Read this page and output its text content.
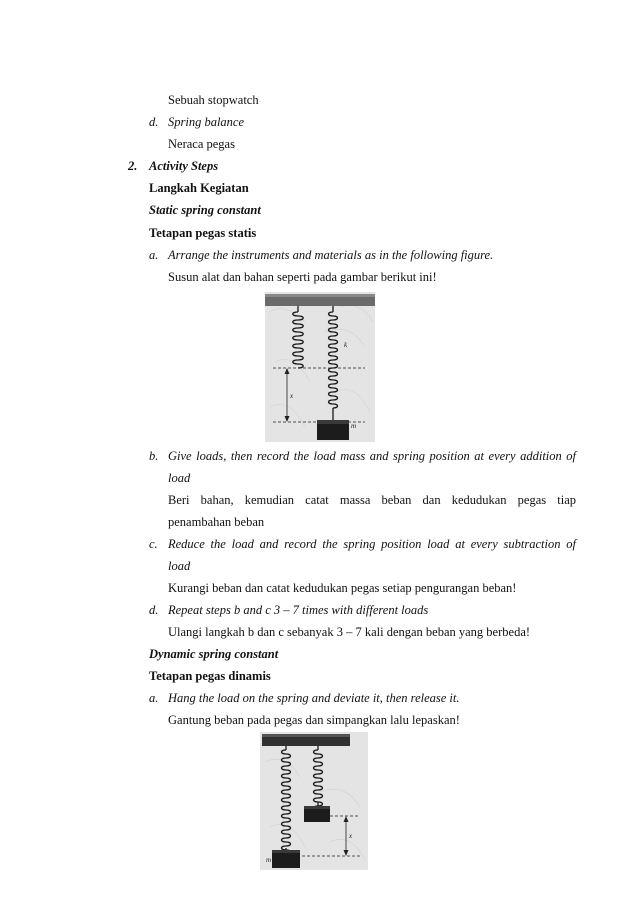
Sebuah stopwatch
d. Spring balance
Neraca pegas
2. Activity Steps
Langkah Kegiatan
Static spring constant
Tetapan pegas statis
a. Arrange the instruments and materials as in the following figure.
Susun alat dan bahan seperti pada gambar berikut ini!
k
x
m
b. Give loads, then record the load mass and spring position at every addition of
load
Beri bahan, kemudian catat massa beban dan kedudukan pegas tiap
penambahan beban
c. Reduce the load and record the spring position load at every subtraction of
load
Kurangi beban dan catat kedudukan pegas setiap pengurangan beban!
d. Repeat steps b and c 3 – 7 times with different loads
Ulangi langkah b dan c sebanyak 3 – 7 kali dengan beban yang berbeda!
Dynamic spring constant
Tetapan pegas dinamis
a. Hang the load on the spring and deviate it, then release it.
Gantung beban pada pegas dan simpangkan lalu lepaskan!
x
m
